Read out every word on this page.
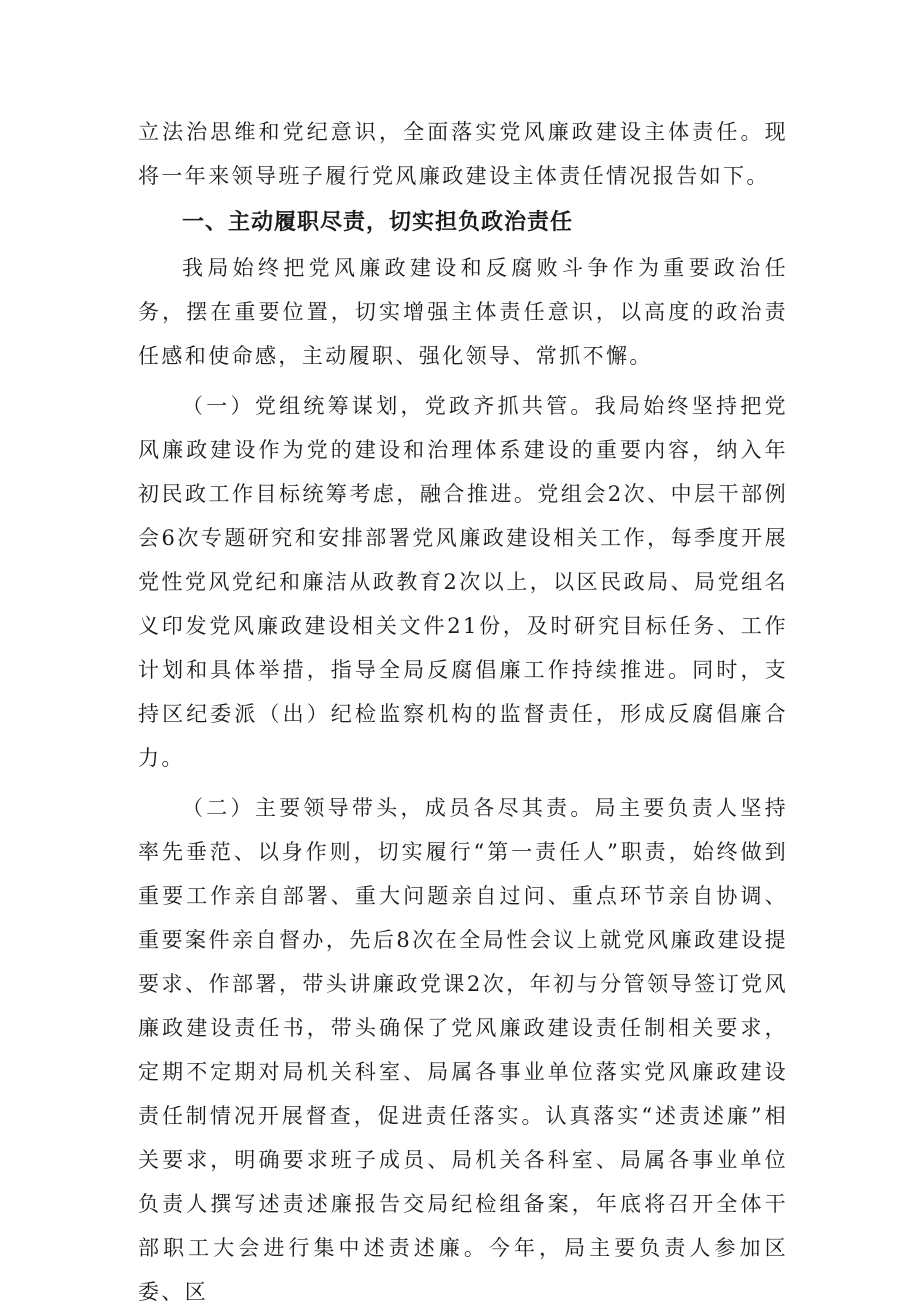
立法治思维和党纪意识，全面落实党风廉政建设主体责任。现将一年来领导班子履行党风廉政建设主体责任情况报告如下。

一、主动履职尽责，切实担负政治责任

我局始终把党风廉政建设和反腐败斗争作为重要政治任务，摆在重要位置，切实增强主体责任意识，以高度的政治责任感和使命感，主动履职、强化领导、常抓不懈。

（一）党组统筹谋划，党政齐抓共管。我局始终坚持把党风廉政建设作为党的建设和治理体系建设的重要内容，纳入年初民政工作目标统筹考虑，融合推进。党组会2次、中层干部例会6次专题研究和安排部署党风廉政建设相关工作，每季度开展党性党风党纪和廉洁从政教育2次以上，以区民政局、局党组名义印发党风廉政建设相关文件21份，及时研究目标任务、工作计划和具体举措，指导全局反腐倡廉工作持续推进。同时，支持区纪委派（出）纪检监察机构的监督责任，形成反腐倡廉合力。

（二）主要领导带头，成员各尽其责。局主要负责人坚持率先垂范、以身作则，切实履行“第一责任人”职责，始终做到重要工作亲自部署、重大问题亲自过问、重点环节亲自协调、重要案件亲自督办，先后8次在全局性会议上就党风廉政建设提要求、作部署，带头讲廉政党课2次，年初与分管领导签订党风廉政建设责任书，带头确保了党风廉政建设责任制相关要求，定期不定期对局机关科室、局属各事业单位落实党风廉政建设责任制情况开展督查，促进责任落实。认真落实“述责述廉”相关要求，明确要求班子成员、局机关各科室、局属各事业单位负责人撰写述责述廉报告交局纪检组备案，年底将召开全体干部职工大会进行集中述责述廉。今年，局主要负责人参加区委、区
